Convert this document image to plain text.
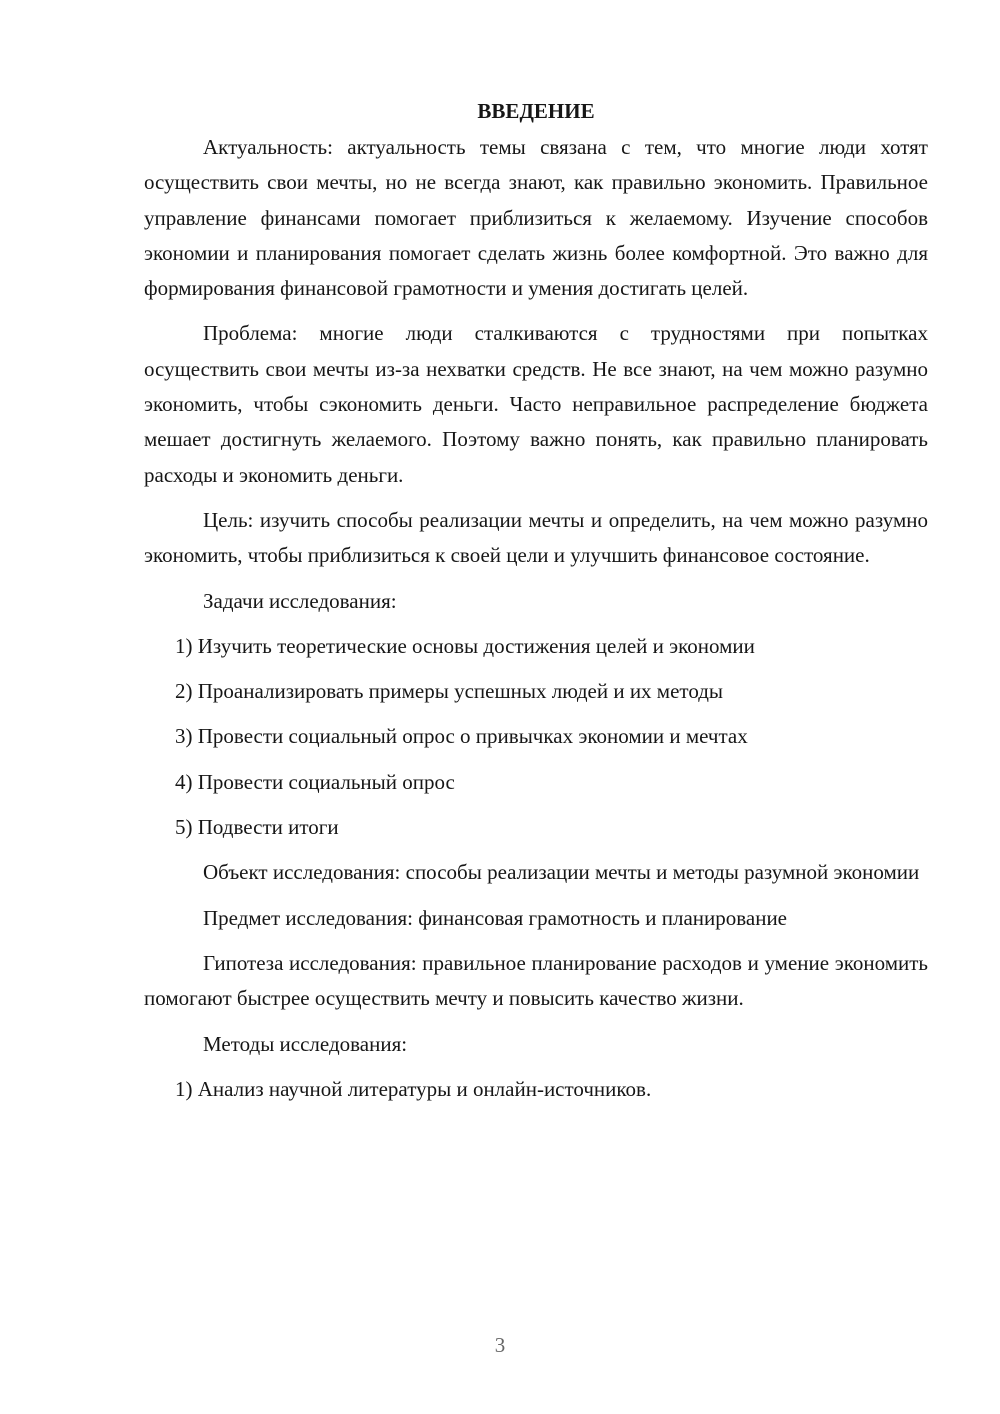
ВВЕДЕНИЕ

Актуальность: актуальность темы связана с тем, что многие люди хотят осуществить свои мечты, но не всегда знают, как правильно экономить. Правильное управление финансами помогает приблизиться к желаемому. Изучение способов экономии и планирования помогает сделать жизнь более комфортной. Это важно для формирования финансовой грамотности и умения достигать целей.

Проблема: многие люди сталкиваются с трудностями при попытках осуществить свои мечты из-за нехватки средств. Не все знают, на чем можно разумно экономить, чтобы сэкономить деньги. Часто неправильное распределение бюджета мешает достигнуть желаемого. Поэтому важно понять, как правильно планировать расходы и экономить деньги.

Цель: изучить способы реализации мечты и определить, на чем можно разумно экономить, чтобы приблизиться к своей цели и улучшить финансовое состояние.

Задачи исследования:

1) Изучить теоретические основы достижения целей и экономии
2) Проанализировать примеры успешных людей и их методы
3) Провести социальный опрос о привычках экономии и мечтах
4) Провести социальный опрос
5) Подвести итоги

Объект исследования: способы реализации мечты и методы разумной экономии

Предмет исследования: финансовая грамотность и планирование

Гипотеза исследования: правильное планирование расходов и умение экономить помогают быстрее осуществить мечту и повысить качество жизни.

Методы исследования:

1) Анализ научной литературы и онлайн-источников.
3
